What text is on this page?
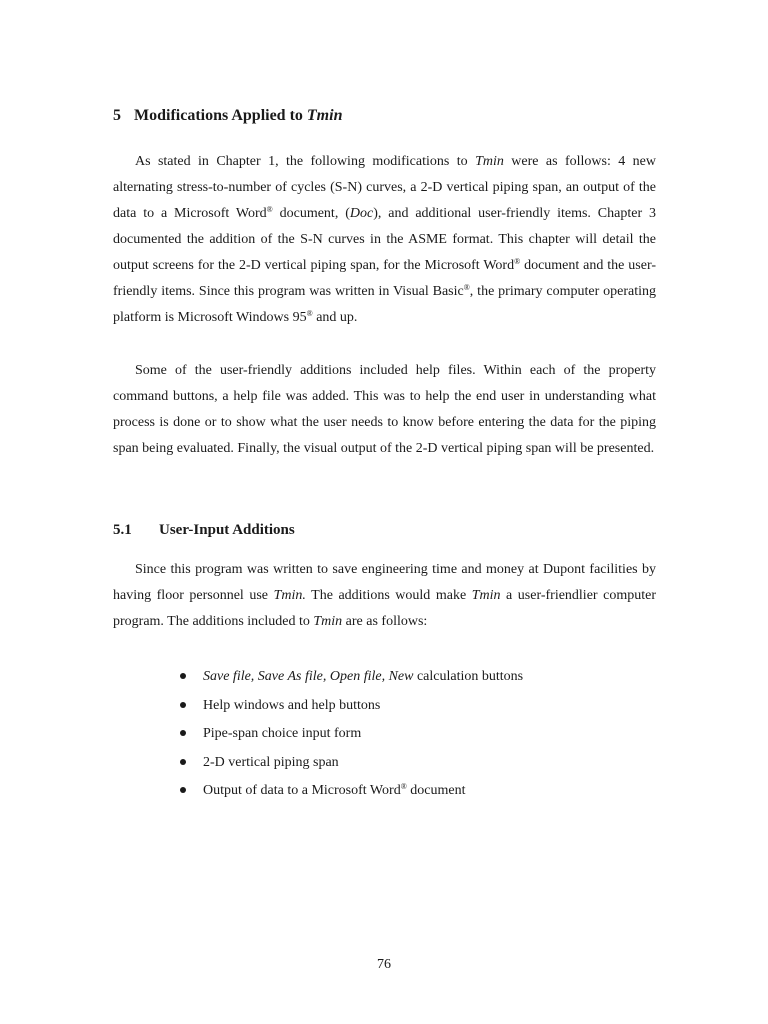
5 Modifications Applied to Tmin

As stated in Chapter 1, the following modifications to Tmin were as follows: 4 new alternating stress-to-number of cycles (S-N) curves, a 2-D vertical piping span, an output of the data to a Microsoft Word® document, (Doc), and additional user-friendly items. Chapter 3 documented the addition of the S-N curves in the ASME format. This chapter will detail the output screens for the 2-D vertical piping span, for the Microsoft Word® document and the user-friendly items. Since this program was written in Visual Basic®, the primary computer operating platform is Microsoft Windows 95® and up.

Some of the user-friendly additions included help files. Within each of the property command buttons, a help file was added. This was to help the end user in understanding what process is done or to show what the user needs to know before entering the data for the piping span being evaluated. Finally, the visual output of the 2-D vertical piping span will be presented.

5.1 User-Input Additions

Since this program was written to save engineering time and money at Dupont facilities by having floor personnel use Tmin. The additions would make Tmin a user-friendlier computer program. The additions included to Tmin are as follows:

Save file, Save As file, Open file, New calculation buttons
Help windows and help buttons
Pipe-span choice input form
2-D vertical piping span
Output of data to a Microsoft Word® document
76
